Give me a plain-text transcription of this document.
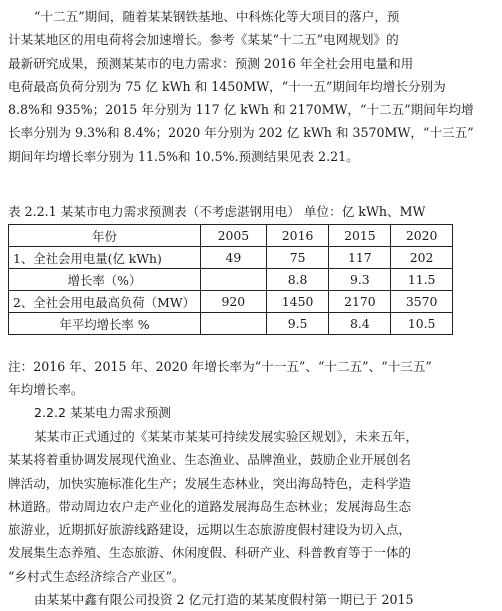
“十二五”期间，随着某某钢铁基地、中科炼化等大项目的落户，预
计某某地区的用电荷将会加速增长。参考《某某“十二五”电网规划》的
最新研究成果，预测某某市的电力需求：预测 2016 年全社会用电量和用
电荷最高负荷分别为 75 亿 kWh 和 1450MW，“十一五”期间年均增长分别为
8.8%和 935%；2015 年分别为 117 亿 kWh 和 2170MW，“十二五”期间年均增
长率分别为 9.3%和 8.4%；2020 年分别为 202 亿 kWh 和 3570MW，“十三五”
期间年均增长率分别为 11.5%和 10.5%.预测结果见表 2.21。

表 2.2.1 某某市电力需求预测表（不考虑湛钢用电） 单位：亿 kWh、MW
年份	2005	2016	2015	2020
1、全社会用电量(亿 kWh)	49	75	117	202
增长率（%）		8.8	9.3	11.5
2、全社会用电最高负荷（MW）	920	1450	2170	3570
年平均增长率 %		9.5	8.4	10.5

注：2016 年、2015 年、2020 年增长率为“十一五”、“十二五”、“十三五”
年均增长率。

2.2.2 某某电力需求预测

某某市正式通过的《某某市某某可持续发展实验区规划》，未来五年，
某某将着重协调发展现代渔业、生态渔业、品牌渔业，鼓励企业开展创名
牌活动，加快实施标准化生产；发展生态林业，突出海岛特色，走科学造
林道路。带动周边农户走产业化的道路发展海岛生态林业；发展海岛生态
旅游业，近期抓好旅游线路建设，远期以生态旅游度假村建设为切入点，
发展集生态养殖、生态旅游、休闲度假、科研产业、科普教育等于一体的
“乡村式生态经济综合产业区”。
由某某中鑫有限公司投资 2 亿元打造的某某度假村第一期已于 2015
